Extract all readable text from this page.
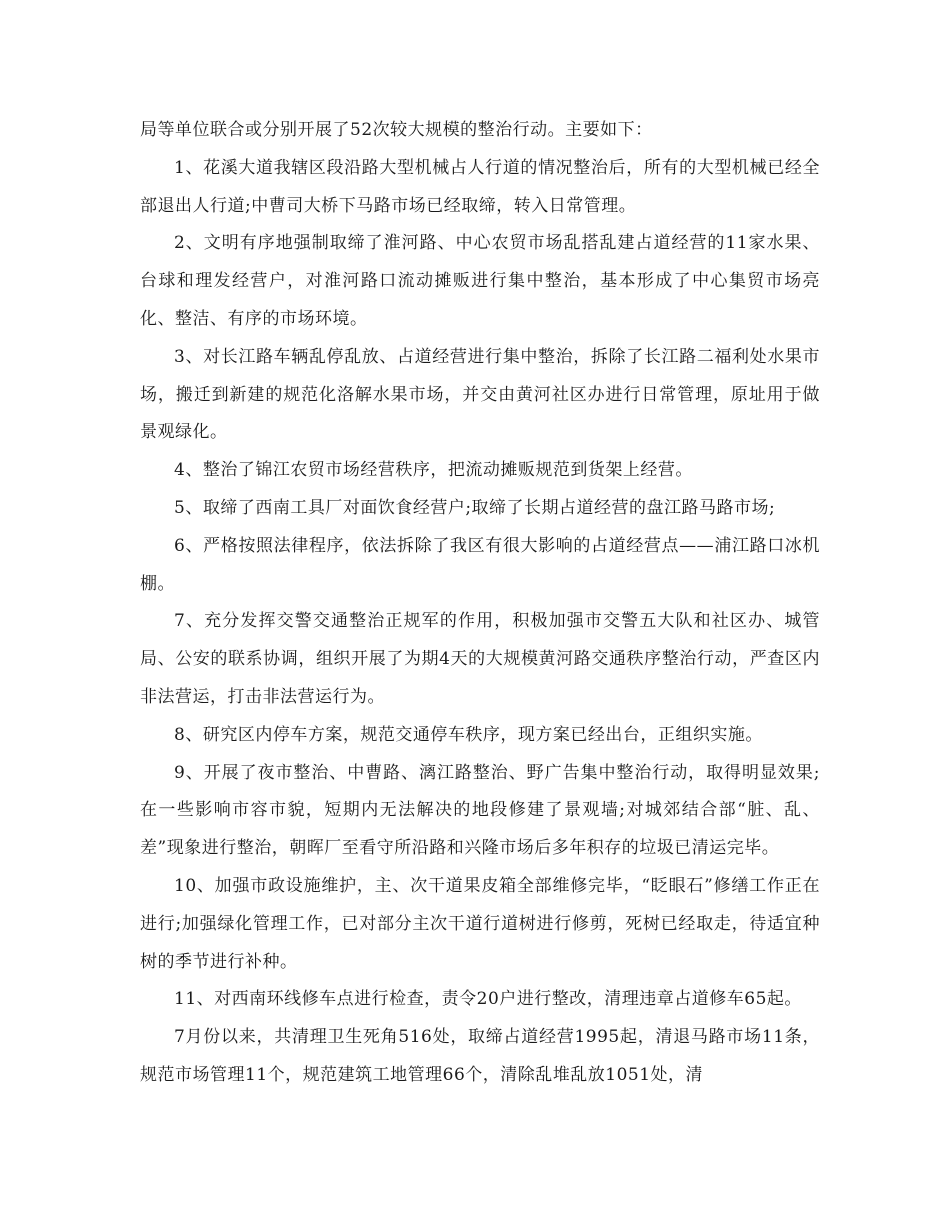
局等单位联合或分别开展了52次较大规模的整治行动。主要如下：

1、花溪大道我辖区段沿路大型机械占人行道的情况整治后，所有的大型机械已经全部退出人行道;中曹司大桥下马路市场已经取缔，转入日常管理。

2、文明有序地强制取缔了淮河路、中心农贸市场乱搭乱建占道经营的11家水果、台球和理发经营户，对淮河路口流动摊贩进行集中整治，基本形成了中心集贸市场亮化、整洁、有序的市场环境。

3、对长江路车辆乱停乱放、占道经营进行集中整治，拆除了长江路二福利处水果市场，搬迁到新建的规范化洛解水果市场，并交由黄河社区办进行日常管理，原址用于做景观绿化。

4、整治了锦江农贸市场经营秩序，把流动摊贩规范到货架上经营。

5、取缔了西南工具厂对面饮食经营户;取缔了长期占道经营的盘江路马路市场;

6、严格按照法律程序，依法拆除了我区有很大影响的占道经营点——浦江路口冰机棚。

7、充分发挥交警交通整治正规军的作用，积极加强市交警五大队和社区办、城管局、公安的联系协调，组织开展了为期4天的大规模黄河路交通秩序整治行动，严查区内非法营运，打击非法营运行为。

8、研究区内停车方案，规范交通停车秩序，现方案已经出台，正组织实施。

9、开展了夜市整治、中曹路、漓江路整治、野广告集中整治行动，取得明显效果;在一些影响市容市貌，短期内无法解决的地段修建了景观墙;对城郊结合部“脏、乱、差”现象进行整治，朝晖厂至看守所沿路和兴隆市场后多年积存的垃圾已清运完毕。

10、加强市政设施维护，主、次干道果皮箱全部维修完毕，“眨眼石”修缮工作正在进行;加强绿化管理工作，已对部分主次干道行道树进行修剪，死树已经取走，待适宜种树的季节进行补种。

11、对西南环线修车点进行检查，责令20户进行整改，清理违章占道修车65起。

7月份以来，共清理卫生死角516处，取缔占道经营1995起，清退马路市场11条，规范市场管理11个，规范建筑工地管理66个，清除乱堆乱放1051处，清
